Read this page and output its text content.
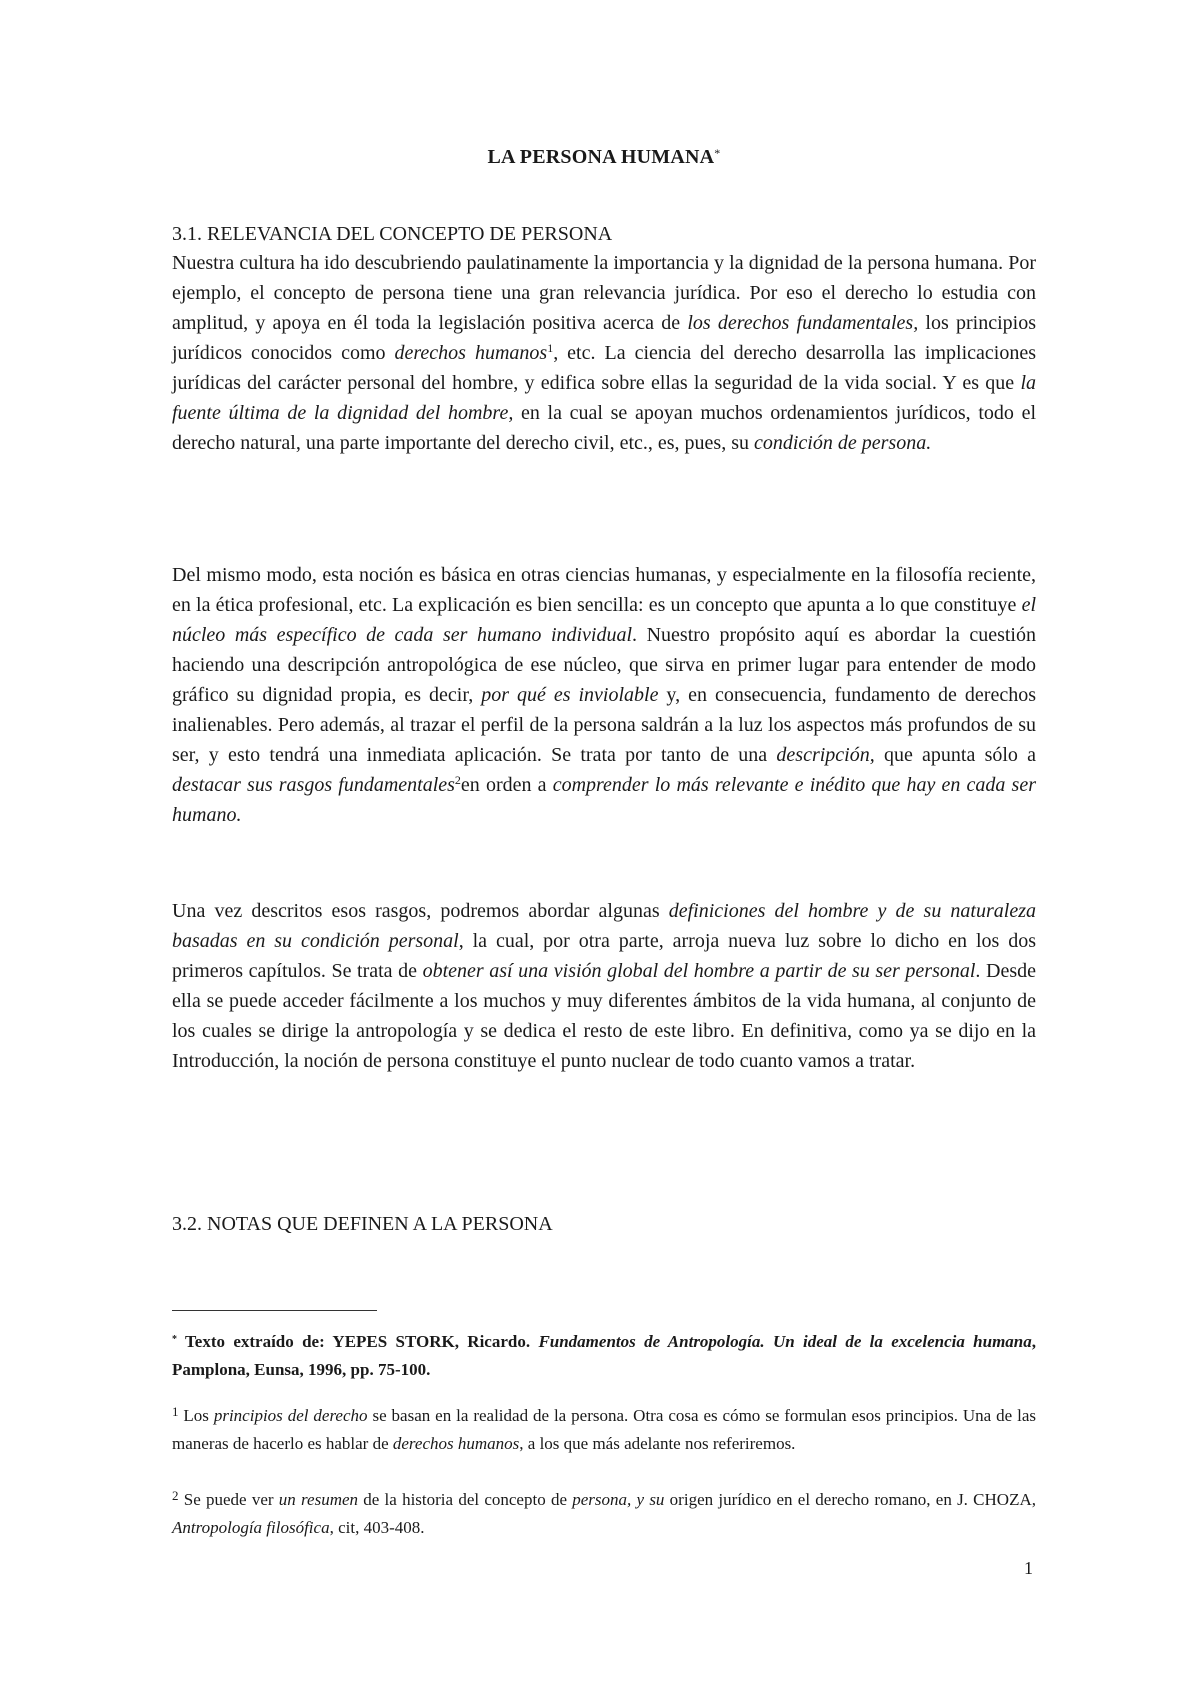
LA PERSONA HUMANA*
3.1. RELEVANCIA DEL CONCEPTO DE PERSONA

Nuestra cultura ha ido descubriendo paulatinamente la importancia y la dignidad de la persona humana. Por ejemplo, el concepto de persona tiene una gran relevancia jurídica. Por eso el derecho lo estudia con amplitud, y apoya en él toda la legislación positiva acerca de los derechos fundamentales, los principios jurídicos conocidos como derechos humanos$^1$, etc. La ciencia del derecho desarrolla las implicaciones jurídicas del carácter personal del hombre, y edifica sobre ellas la seguridad de la vida social. Y es que la fuente última de la dignidad del hombre, en la cual se apoyan muchos ordenamientos jurídicos, todo el derecho natural, una parte importante del derecho civil, etc., es, pues, su condición de persona.

Del mismo modo, esta noción es básica en otras ciencias humanas, y especialmente en la filosofía reciente, en la ética profesional, etc. La explicación es bien sencilla: es un concepto que apunta a lo que constituye el núcleo más específico de cada ser humano individual. Nuestro propósito aquí es abordar la cuestión haciendo una descripción antropológica de ese núcleo, que sirva en primer lugar para entender de modo gráfico su dignidad propia, es decir, por qué es inviolable y, en consecuencia, fundamento de derechos inalienables. Pero además, al trazar el perfil de la persona saldrán a la luz los aspectos más profundos de su ser, y esto tendrá una inmediata aplicación. Se trata por tanto de una descripción, que apunta sólo a destacar sus rasgos fundamentales$^2$en orden a comprender lo más relevante e inédito que hay en cada ser humano.

Una vez descritos esos rasgos, podremos abordar algunas definiciones del hombre y de su naturaleza basadas en su condición personal, la cual, por otra parte, arroja nueva luz sobre lo dicho en los dos primeros capítulos. Se trata de obtener así una visión global del hombre a partir de su ser personal. Desde ella se puede acceder fácilmente a los muchos y muy diferentes ámbitos de la vida humana, al conjunto de los cuales se dirige la antropología y se dedica el resto de este libro. En definitiva, como ya se dijo en la Introducción, la noción de persona constituye el punto nuclear de todo cuanto vamos a tratar.

3.2. NOTAS QUE DEFINEN A LA PERSONA

* Texto extraído de: YEPES STORK, Ricardo. Fundamentos de Antropología. Un ideal de la excelencia humana, Pamplona, Eunsa, 1996, pp. 75-100.

$^1$ Los principios del derecho se basan en la realidad de la persona. Otra cosa es cómo se formulan esos principios. Una de las maneras de hacerlo es hablar de derechos humanos, a los que más adelante nos referiremos.

$^2$ Se puede ver un resumen de la historia del concepto de persona, y su origen jurídico en el derecho romano, en J. CHOZA, Antropología filosófica, cit, 403-408.

1
